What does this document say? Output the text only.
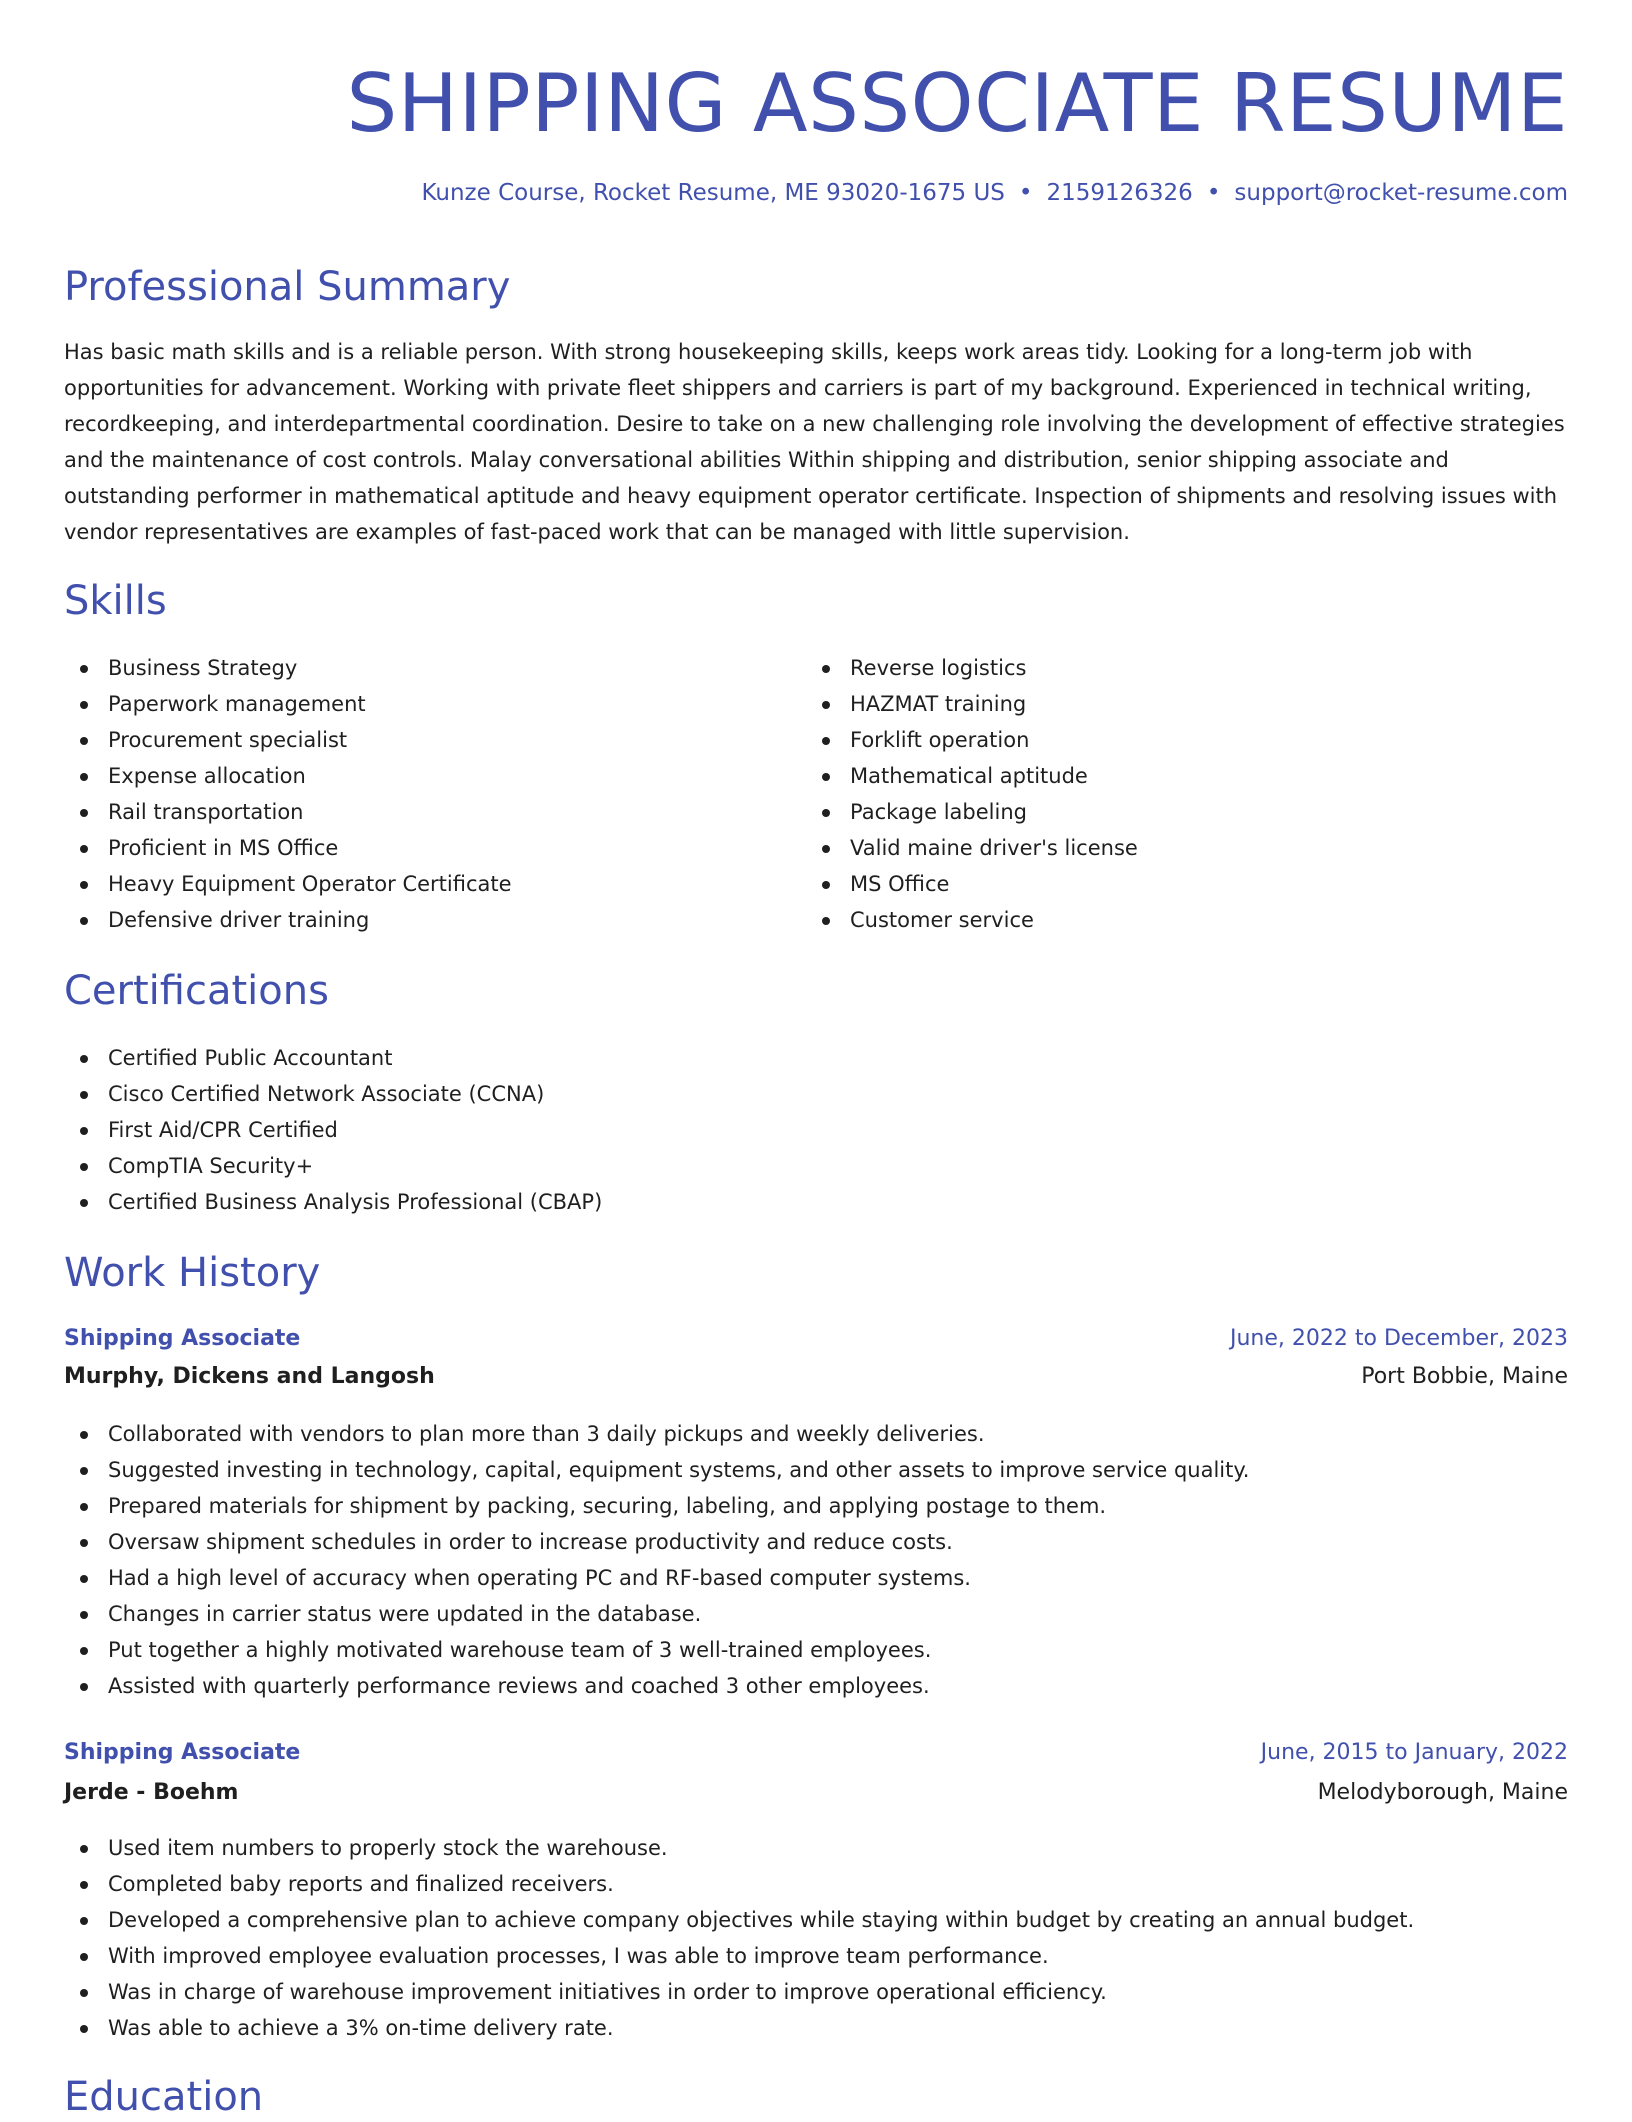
SHIPPING ASSOCIATE RESUME
Kunze Course, Rocket Resume, ME 93020-1675 US • 2159126326 • support@rocket-resume.com
Professional Summary

Has basic math skills and is a reliable person. With strong housekeeping skills, keeps work areas tidy. Looking for a long-term job with opportunities for advancement. Working with private fleet shippers and carriers is part of my background. Experienced in technical writing, recordkeeping, and interdepartmental coordination. Desire to take on a new challenging role involving the development of effective strategies and the maintenance of cost controls. Malay conversational abilities Within shipping and distribution, senior shipping associate and outstanding performer in mathematical aptitude and heavy equipment operator certificate. Inspection of shipments and resolving issues with vendor representatives are examples of fast-paced work that can be managed with little supervision.

Skills
Business Strategy
Paperwork management
Procurement specialist
Expense allocation
Rail transportation
Proficient in MS Office
Heavy Equipment Operator Certificate
Defensive driver training
Reverse logistics
HAZMAT training
Forklift operation
Mathematical aptitude
Package labeling
Valid maine driver's license
MS Office
Customer service
Certifications
Certified Public Accountant
Cisco Certified Network Associate (CCNA)
First Aid/CPR Certified
CompTIA Security+
Certified Business Analysis Professional (CBAP)
Work History
Shipping Associate	June, 2022 to December, 2023
Murphy, Dickens and Langosh	Port Bobbie, Maine
Collaborated with vendors to plan more than 3 daily pickups and weekly deliveries.
Suggested investing in technology, capital, equipment systems, and other assets to improve service quality.
Prepared materials for shipment by packing, securing, labeling, and applying postage to them.
Oversaw shipment schedules in order to increase productivity and reduce costs.
Had a high level of accuracy when operating PC and RF-based computer systems.
Changes in carrier status were updated in the database.
Put together a highly motivated warehouse team of 3 well-trained employees.
Assisted with quarterly performance reviews and coached 3 other employees.
Shipping Associate	June, 2015 to January, 2022
Jerde - Boehm	Melodyborough, Maine
Used item numbers to properly stock the warehouse.
Completed baby reports and finalized receivers.
Developed a comprehensive plan to achieve company objectives while staying within budget by creating an annual budget.
With improved employee evaluation processes, I was able to improve team performance.
Was in charge of warehouse improvement initiatives in order to improve operational efficiency.
Was able to achieve a 3% on-time delivery rate.
Education
